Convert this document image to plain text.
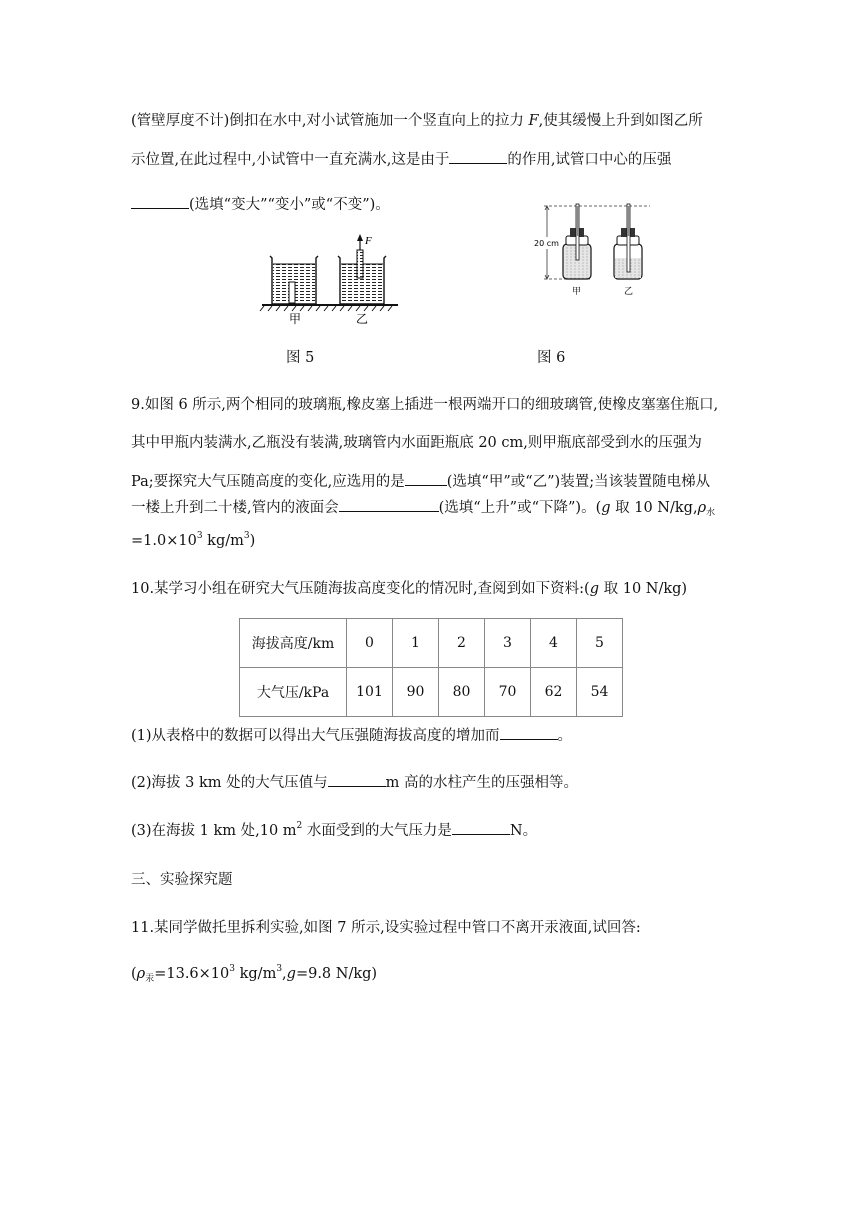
(管壁厚度不计)倒扣在水中,对小试管施加一个竖直向上的拉力 F,使其缓慢上升到如图乙所
示位置,在此过程中,小试管中一直充满水,这是由于	的作用,试管口中心的压强
(选填“变大”“变小”或“不变”)。
F
甲	乙
图 5
20 cm
甲	乙
图 6
9.如图 6 所示,两个相同的玻璃瓶,橡皮塞上插进一根两端开口的细玻璃管,使橡皮塞塞住瓶口,
其中甲瓶内装满水,乙瓶没有装满,玻璃管内水面距瓶底 20 cm,则甲瓶底部受到水的压强为
Pa;要探究大气压随高度的变化,应选用的是	(选填“甲”或“乙”)装置;当该装置随电梯从
一楼上升到二十楼,管内的液面会	(选填“上升”或“下降”)。(g 取 10 $N/kg,\rho_水$
$=1.0\times 10^3$ $kg/m^3$)
10.某学习小组在研究大气压随海拔高度变化的情况时,查阅到如下资料:(g 取 10 N/kg)
海拔高度/km	0	1	2	3	4	5
大气压/kPa	101	90	80	70	62	54
(1)从表格中的数据可以得出大气压强随海拔高度的增加而	。
(2)海拔 3 km 处的大气压值与	m 高的水柱产生的压强相等。
(3)在海拔 1 km 处,10 $m^2$ 水面受到的大气压力是	N。
三、实验探究题
11.某同学做托里拆利实验,如图 7 所示,设实验过程中管口不离开汞液面,试回答:
($\rho_汞=13.6\times 10^3$ $kg/m^3,g=9.8$ N/kg)
